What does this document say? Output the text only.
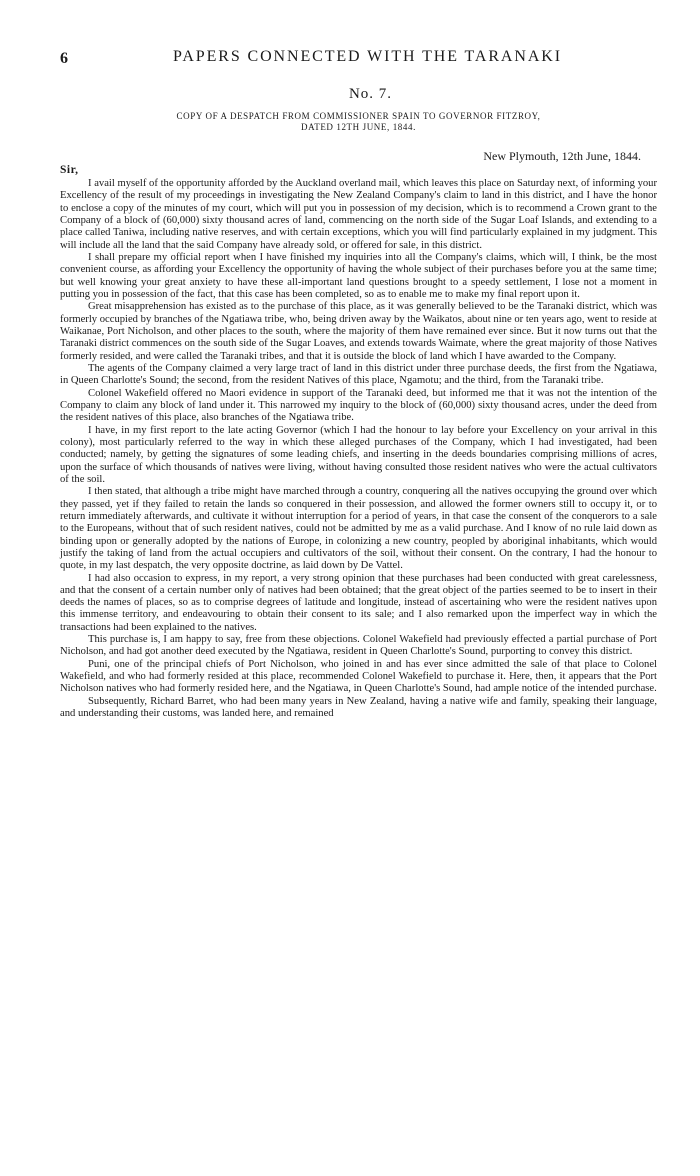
6	PAPERS CONNECTED WITH THE TARANAKI
No. 7.
COPY OF A DESPATCH FROM COMMISSIONER SPAIN TO GOVERNOR FITZROY,
DATED 12TH JUNE, 1844.
New Plymouth, 12th June, 1844.
Sir,

I avail myself of the opportunity afforded by the Auckland overland mail, which leaves this place on Saturday next, of informing your Excellency of the result of my proceedings in investigating the New Zealand Company's claim to land in this district, and I have the honor to enclose a copy of the minutes of my court, which will put you in possession of my decision, which is to recommend a Crown grant to the Company of a block of (60,000) sixty thousand acres of land, commencing on the north side of the Sugar Loaf Islands, and extending to a place called Taniwa, including native reserves, and with certain exceptions, which you will find particularly explained in my judgment. This will include all the land that the said Company have already sold, or offered for sale, in this district.

I shall prepare my official report when I have finished my inquiries into all the Company's claims, which will, I think, be the most convenient course, as affording your Excellency the opportunity of having the whole subject of their purchases before you at the same time; but well knowing your great anxiety to have these all-important land questions brought to a speedy settlement, I lose not a moment in putting you in possession of the fact, that this case has been completed, so as to enable me to make my final report upon it.

Great misapprehension has existed as to the purchase of this place, as it was generally believed to be the Taranaki district, which was formerly occupied by branches of the Ngatiawa tribe, who, being driven away by the Waikatos, about nine or ten years ago, went to reside at Waikanae, Port Nicholson, and other places to the south, where the majority of them have remained ever since. But it now turns out that the Taranaki district commences on the south side of the Sugar Loaves, and extends towards Waimate, where the great majority of those Natives formerly resided, and were called the Taranaki tribes, and that it is outside the block of land which I have awarded to the Company.

The agents of the Company claimed a very large tract of land in this district under three purchase deeds, the first from the Ngatiawa, in Queen Charlotte's Sound; the second, from the resident Natives of this place, Ngamotu; and the third, from the Taranaki tribe.

Colonel Wakefield offered no Maori evidence in support of the Taranaki deed, but informed me that it was not the intention of the Company to claim any block of land under it. This narrowed my inquiry to the block of (60,000) sixty thousand acres, under the deed from the resident natives of this place, also branches of the Ngatiawa tribe.

I have, in my first report to the late acting Governor (which I had the honour to lay before your Excellency on your arrival in this colony), most particularly referred to the way in which these alleged purchases of the Company, which I had investigated, had been conducted; namely, by getting the signatures of some leading chiefs, and inserting in the deeds boundaries comprising millions of acres, upon the surface of which thousands of natives were living, without having consulted those resident natives who were the actual cultivators of the soil.

I then stated, that although a tribe might have marched through a country, conquering all the natives occupying the ground over which they passed, yet if they failed to retain the lands so conquered in their possession, and allowed the former owners still to occupy it, or to return immediately afterwards, and cultivate it without interruption for a period of years, in that case the consent of the conquerors to a sale to the Europeans, without that of such resident natives, could not be admitted by me as a valid purchase. And I know of no rule laid down as binding upon or generally adopted by the nations of Europe, in colonizing a new country, peopled by aboriginal inhabitants, which would justify the taking of land from the actual occupiers and cultivators of the soil, without their consent. On the contrary, I had the honour to quote, in my last despatch, the very opposite doctrine, as laid down by De Vattel.

I had also occasion to express, in my report, a very strong opinion that these purchases had been conducted with great carelessness, and that the consent of a certain number only of natives had been obtained; that the great object of the parties seemed to be to insert in their deeds the names of places, so as to comprise degrees of latitude and longitude, instead of ascertaining who were the resident natives upon this immense territory, and endeavouring to obtain their consent to its sale; and I also remarked upon the imperfect way in which the transactions had been explained to the natives.

This purchase is, I am happy to say, free from these objections. Colonel Wakefield had previously effected a partial purchase of Port Nicholson, and had got another deed executed by the Ngatiawa, resident in Queen Charlotte's Sound, purporting to convey this district.

Puni, one of the principal chiefs of Port Nicholson, who joined in and has ever since admitted the sale of that place to Colonel Wakefield, and who had formerly resided at this place, recommended Colonel Wakefield to purchase it. Here, then, it appears that the Port Nicholson natives who had formerly resided here, and the Ngatiawa, in Queen Charlotte's Sound, had ample notice of the intended purchase.

Subsequently, Richard Barret, who had been many years in New Zealand, having a native wife and family, speaking their language, and understanding their customs, was landed here, and remained
